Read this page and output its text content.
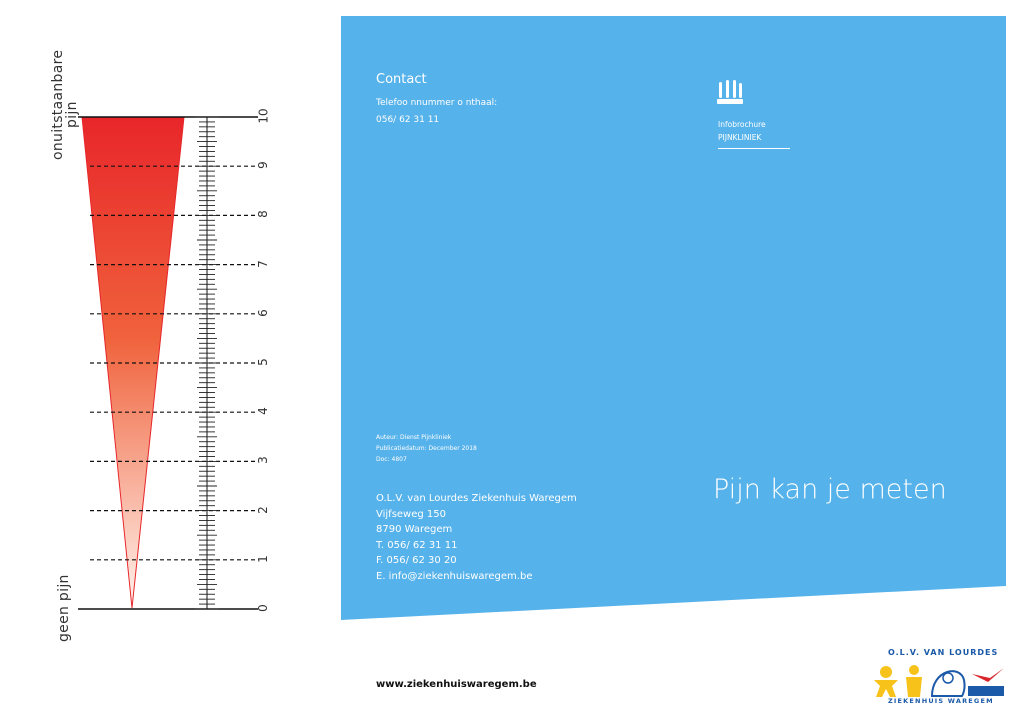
onuitstaanbare
pijn
geen pijn	0
1
2
3
4
5
6
7
8
9
10
Contact
Telefoo nnummer o nthaal:
056/ 62 31 11	Infobrochure
PIJNKLINIEK
Auteur: Dienst Pijnkliniek
Publicatiedatum: December 2018
Doc: 4807
O.L.V. van Lourdes Ziekenhuis Waregem
Vijfseweg 150
8790 Waregem
T. 056/ 62 31 11
F. 056/ 62 30 20
E. info@ziekenhuiswaregem.be
Pijn kan je meten
www.ziekenhuiswaregem.be
O.L.V. VAN LOURDES
ZIEKENHUIS WAREGEM
